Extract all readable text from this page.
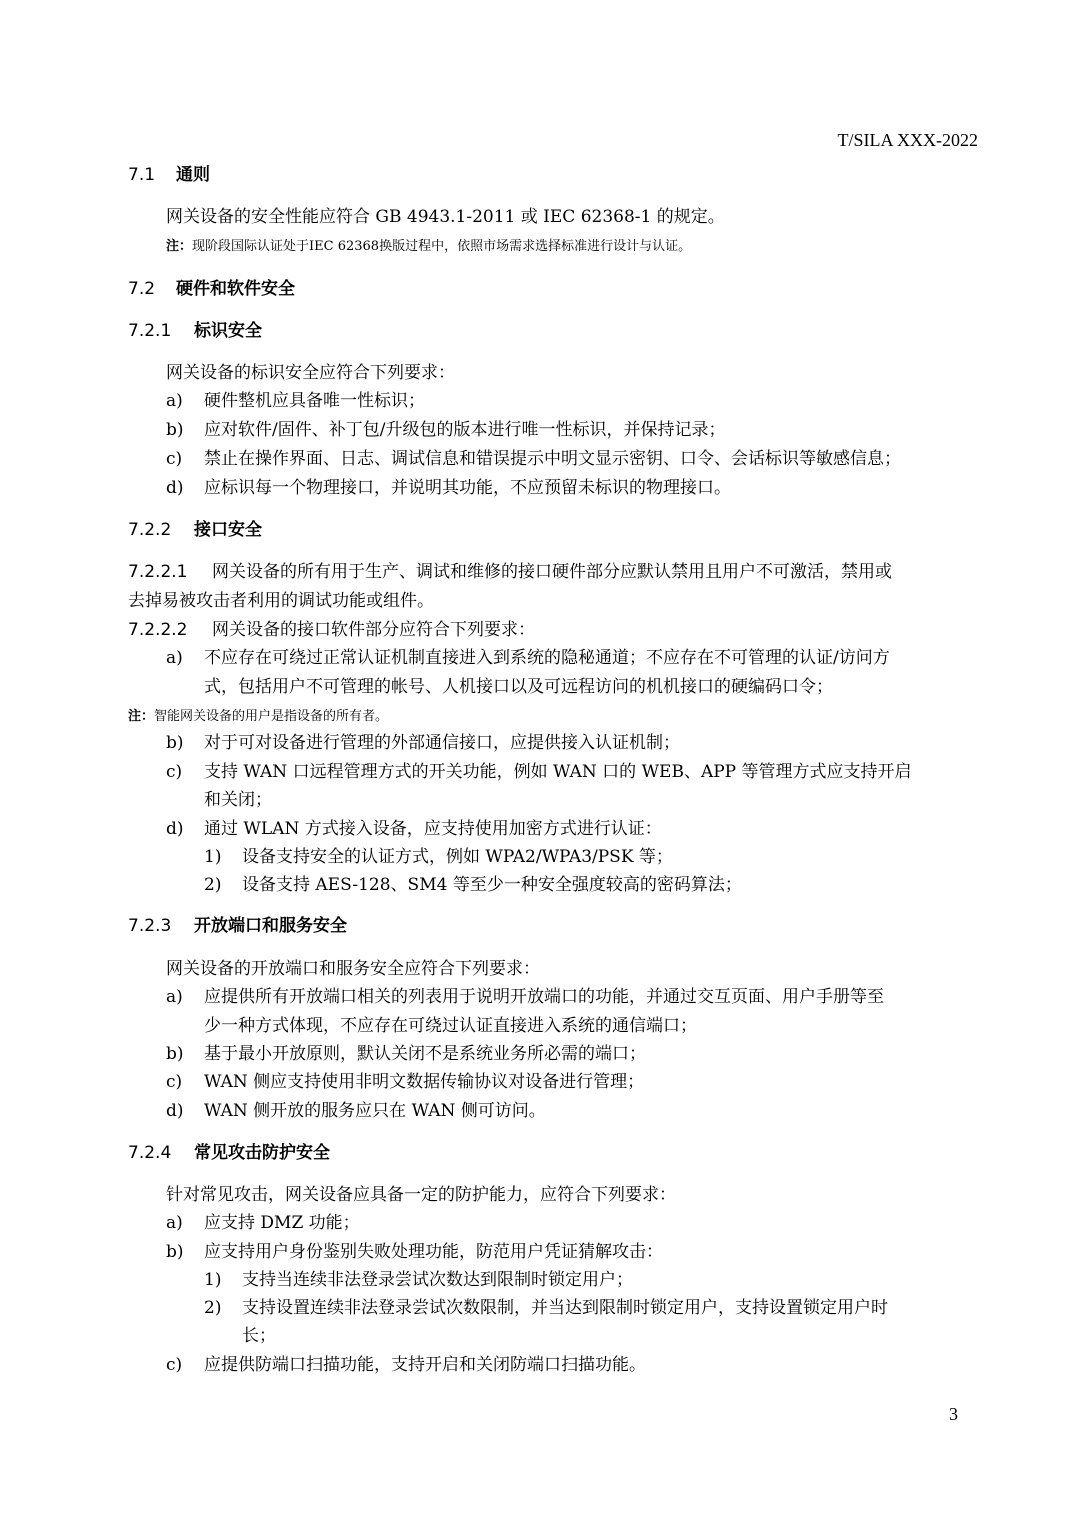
T/SILA XXX-2022
7.1 通则
网关设备的安全性能应符合 GB 4943.1-2011 或 IEC 62368-1 的规定。
注：现阶段国际认证处于IEC 62368换版过程中，依照市场需求选择标准进行设计与认证。
7.2 硬件和软件安全
7.2.1 标识安全
网关设备的标识安全应符合下列要求：
a) 硬件整机应具备唯一性标识；
b) 应对软件/固件、补丁包/升级包的版本进行唯一性标识，并保持记录；
c) 禁止在操作界面、日志、调试信息和错误提示中明文显示密钥、口令、会话标识等敏感信息；
d) 应标识每一个物理接口，并说明其功能，不应预留未标识的物理接口。
7.2.2 接口安全
7.2.2.1 网关设备的所有用于生产、调试和维修的接口硬件部分应默认禁用且用户不可激活，禁用或
去掉易被攻击者利用的调试功能或组件。
7.2.2.2 网关设备的接口软件部分应符合下列要求：
a) 不应存在可绕过正常认证机制直接进入到系统的隐秘通道；不应存在不可管理的认证/访问方
式，包括用户不可管理的帐号、人机接口以及可远程访问的机机接口的硬编码口令；
注：智能网关设备的用户是指设备的所有者。
b) 对于可对设备进行管理的外部通信接口，应提供接入认证机制；
c) 支持 WAN 口远程管理方式的开关功能，例如 WAN 口的 WEB、APP 等管理方式应支持开启
和关闭；
d) 通过 WLAN 方式接入设备，应支持使用加密方式进行认证：
1) 设备支持安全的认证方式，例如 WPA2/WPA3/PSK 等；
2) 设备支持 AES-128、SM4 等至少一种安全强度较高的密码算法；
7.2.3 开放端口和服务安全
网关设备的开放端口和服务安全应符合下列要求：
a) 应提供所有开放端口相关的列表用于说明开放端口的功能，并通过交互页面、用户手册等至
少一种方式体现，不应存在可绕过认证直接进入系统的通信端口；
b) 基于最小开放原则，默认关闭不是系统业务所必需的端口；
c) WAN 侧应支持使用非明文数据传输协议对设备进行管理；
d) WAN 侧开放的服务应只在 WAN 侧可访问。
7.2.4 常见攻击防护安全
针对常见攻击，网关设备应具备一定的防护能力，应符合下列要求：
a) 应支持 DMZ 功能；
b) 应支持用户身份鉴别失败处理功能，防范用户凭证猜解攻击：
1) 支持当连续非法登录尝试次数达到限制时锁定用户；
2) 支持设置连续非法登录尝试次数限制，并当达到限制时锁定用户，支持设置锁定用户时
长；
c) 应提供防端口扫描功能，支持开启和关闭防端口扫描功能。
3
